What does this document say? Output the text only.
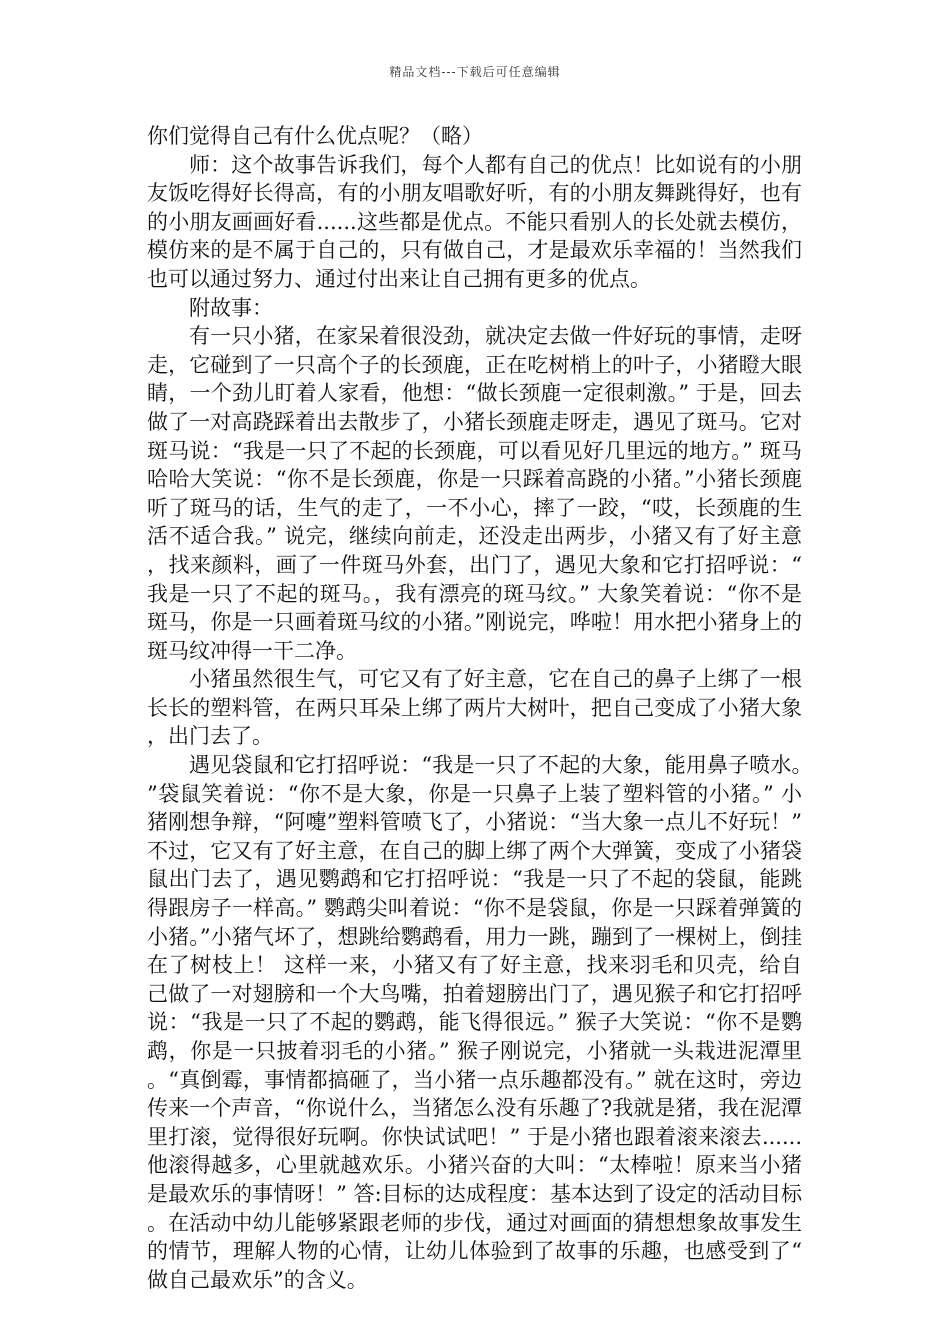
精品文档---下载后可任意编辑

你们觉得自己有什么优点呢？（略）

师：这个故事告诉我们，每个人都有自己的优点！比如说有的小朋友饭吃得好长得高，有的小朋友唱歌好听，有的小朋友舞跳得好，也有的小朋友画画好看......这些都是优点。不能只看别人的长处就去模仿，模仿来的是不属于自己的，只有做自己，才是最欢乐幸福的！当然我们也可以通过努力、通过付出来让自己拥有更多的优点。

附故事：

有一只小猪，在家呆着很没劲，就决定去做一件好玩的事情，走呀走，它碰到了一只高个子的长颈鹿，正在吃树梢上的叶子，小猪瞪大眼睛，一个劲儿盯着人家看，他想：“做长颈鹿一定很刺激。” 于是，回去做了一对高跷踩着出去散步了，小猪长颈鹿走呀走，遇见了斑马。它对斑马说：“我是一只了不起的长颈鹿，可以看见好几里远的地方。” 斑马哈哈大笑说：“你不是长颈鹿，你是一只踩着高跷的小猪。”小猪长颈鹿听了斑马的话，生气的走了，一不小心，摔了一跤，“哎，长颈鹿的生活不适合我。” 说完，继续向前走，还没走出两步，小猪又有了好主意，找来颜料，画了一件斑马外套，出门了，遇见大象和它打招呼说：“我是一只了不起的斑马。，我有漂亮的斑马纹。” 大象笑着说：“你不是斑马，你是一只画着斑马纹的小猪。”刚说完，哗啦！用水把小猪身上的斑马纹冲得一干二净。

小猪虽然很生气，可它又有了好主意，它在自己的鼻子上绑了一根长长的塑料管，在两只耳朵上绑了两片大树叶，把自己变成了小猪大象，出门去了。

遇见袋鼠和它打招呼说：“我是一只了不起的大象，能用鼻子喷水。”袋鼠笑着说：“你不是大象，你是一只鼻子上装了塑料管的小猪。” 小猪刚想争辩，“阿嚏”塑料管喷飞了，小猪说：“当大象一点儿不好玩！” 不过，它又有了好主意，在自己的脚上绑了两个大弹簧，变成了小猪袋鼠出门去了，遇见鹦鹉和它打招呼说：“我是一只了不起的袋鼠，能跳得跟房子一样高。” 鹦鹉尖叫着说：“你不是袋鼠，你是一只踩着弹簧的小猪。”小猪气坏了，想跳给鹦鹉看，用力一跳，蹦到了一棵树上，倒挂在了树枝上！ 这样一来，小猪又有了好主意，找来羽毛和贝壳，给自己做了一对翅膀和一个大鸟嘴，拍着翅膀出门了，遇见猴子和它打招呼说：“我是一只了不起的鹦鹉，能飞得很远。” 猴子大笑说：“你不是鹦鹉，你是一只披着羽毛的小猪。” 猴子刚说完，小猪就一头栽进泥潭里。“真倒霉，事情都搞砸了，当小猪一点乐趣都没有。” 就在这时，旁边传来一个声音，“你说什么，当猪怎么没有乐趣了?我就是猪，我在泥潭里打滚，觉得很好玩啊。你快试试吧！” 于是小猪也跟着滚来滚去......他滚得越多，心里就越欢乐。小猪兴奋的大叫：“太棒啦！原来当小猪是最欢乐的事情呀！” 答:目标的达成程度：基本达到了设定的活动目标。在活动中幼儿能够紧跟老师的步伐，通过对画面的猜想想象故事发生的情节，理解人物的心情，让幼儿体验到了故事的乐趣，也感受到了“做自己最欢乐”的含义。
